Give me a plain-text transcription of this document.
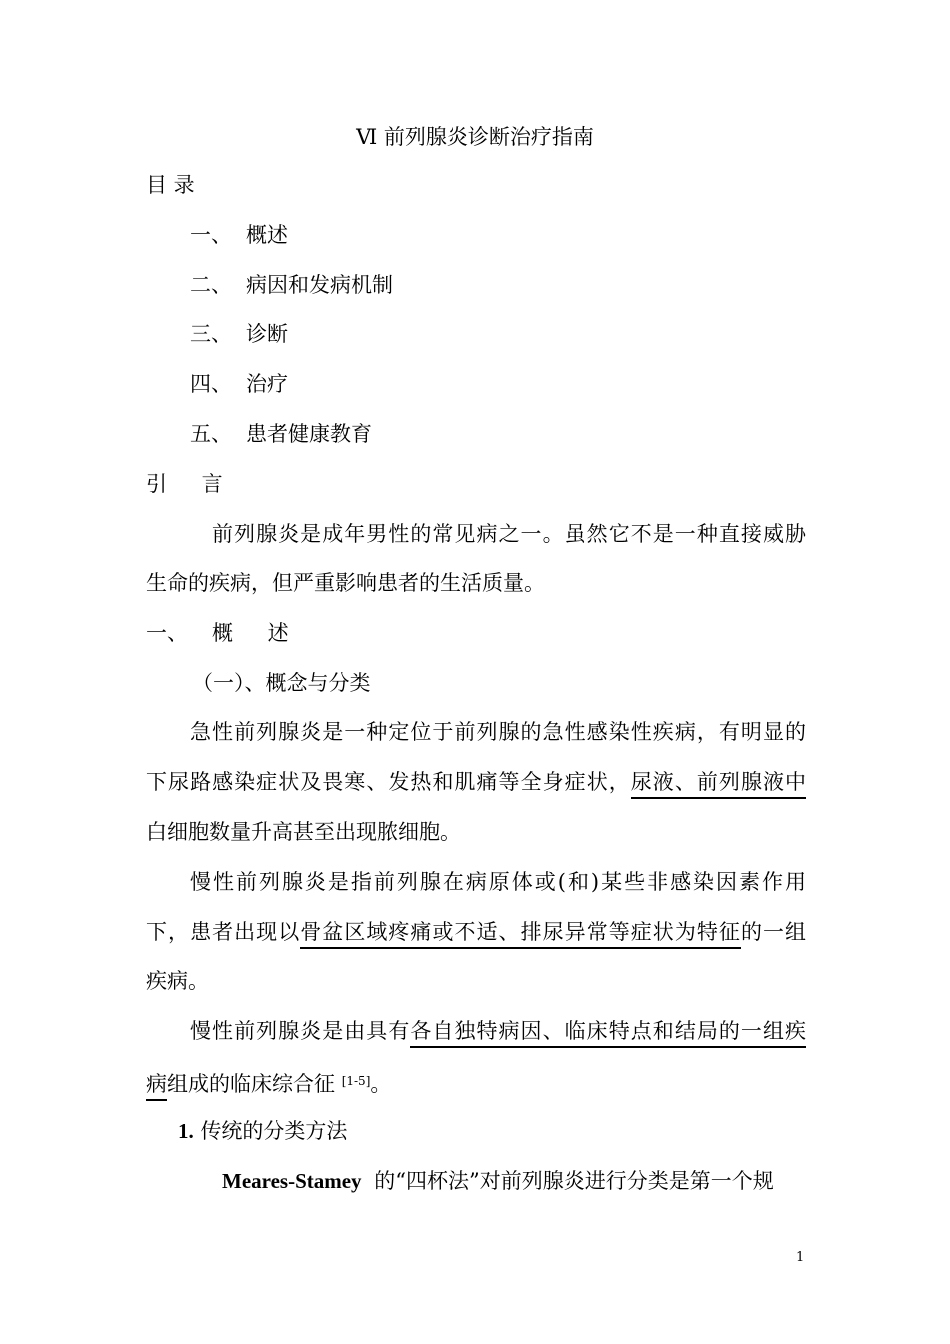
Ⅵ 前列腺炎诊断治疗指南
目 录
一、 概述
二、 病因和发病机制
三、 诊断
四、 治疗
五、 患者健康教育
引 言
前列腺炎是成年男性的常见病之一。虽然它不是一种直接威胁
生命的疾病，但严重影响患者的生活质量。
一、 概 述
（一）、概念与分类
急性前列腺炎是一种定位于前列腺的急性感染性疾病，有明显的
下尿路感染症状及畏寒、发热和肌痛等全身症状，尿液、前列腺液中
白细胞数量升高甚至出现脓细胞。
慢性前列腺炎是指前列腺在病原体或(和)某些非感染因素作用
下，患者出现以骨盆区域疼痛或不适、排尿异常等症状为特征的一组
疾病。
慢性前列腺炎是由具有各自独特病因、临床特点和结局的一组疾
病组成的临床综合征 [1-5]。
1. 传统的分类方法
Meares-Stamey 的“四杯法”对前列腺炎进行分类是第一个规
1
